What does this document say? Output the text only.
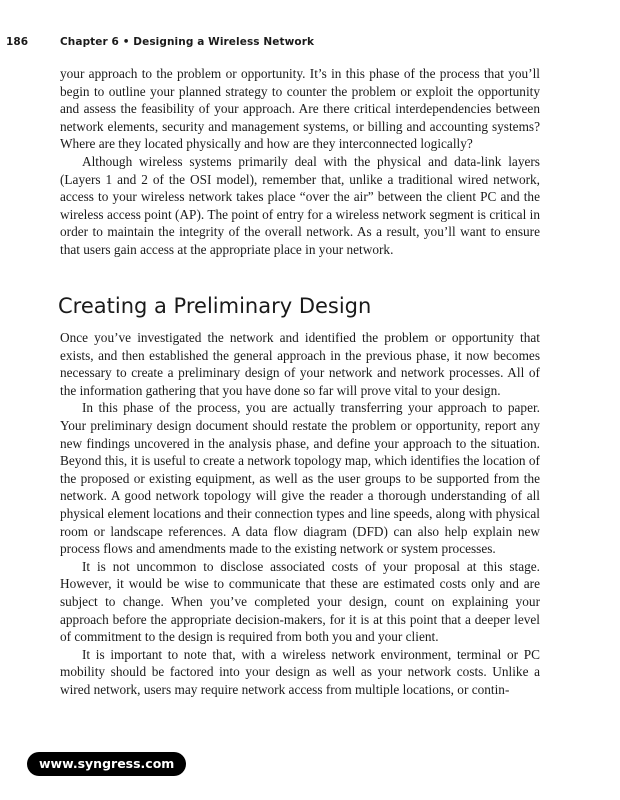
186	Chapter 6 • Designing a Wireless Network

your approach to the problem or opportunity. It’s in this phase of the process that you’ll begin to outline your planned strategy to counter the problem or exploit the opportunity and assess the feasibility of your approach. Are there critical interdependencies between network elements, security and management systems, or billing and accounting systems? Where are they located physically and how are they interconnected logically?

Although wireless systems primarily deal with the physical and data-link layers (Layers 1 and 2 of the OSI model), remember that, unlike a traditional wired network, access to your wireless network takes place “over the air” between the client PC and the wireless access point (AP). The point of entry for a wireless network segment is critical in order to maintain the integrity of the overall network. As a result, you’ll want to ensure that users gain access at the appropriate place in your network.

Creating a Preliminary Design

Once you’ve investigated the network and identified the problem or opportunity that exists, and then established the general approach in the previous phase, it now becomes necessary to create a preliminary design of your network and network processes. All of the information gathering that you have done so far will prove vital to your design.

In this phase of the process, you are actually transferring your approach to paper. Your preliminary design document should restate the problem or opportunity, report any new findings uncovered in the analysis phase, and define your approach to the situation. Beyond this, it is useful to create a network topology map, which identifies the location of the proposed or existing equipment, as well as the user groups to be supported from the network. A good network topology will give the reader a thorough understanding of all physical element locations and their connection types and line speeds, along with physical room or landscape references. A data flow diagram (DFD) can also help explain new process flows and amendments made to the existing network or system processes.

It is not uncommon to disclose associated costs of your proposal at this stage. However, it would be wise to communicate that these are estimated costs only and are subject to change. When you’ve completed your design, count on explaining your approach before the appropriate decision-makers, for it is at this point that a deeper level of commitment to the design is required from both you and your client.

It is important to note that, with a wireless network environment, terminal or PC mobility should be factored into your design as well as your network costs. Unlike a wired network, users may require network access from multiple locations, or contin-

www.syngress.com
